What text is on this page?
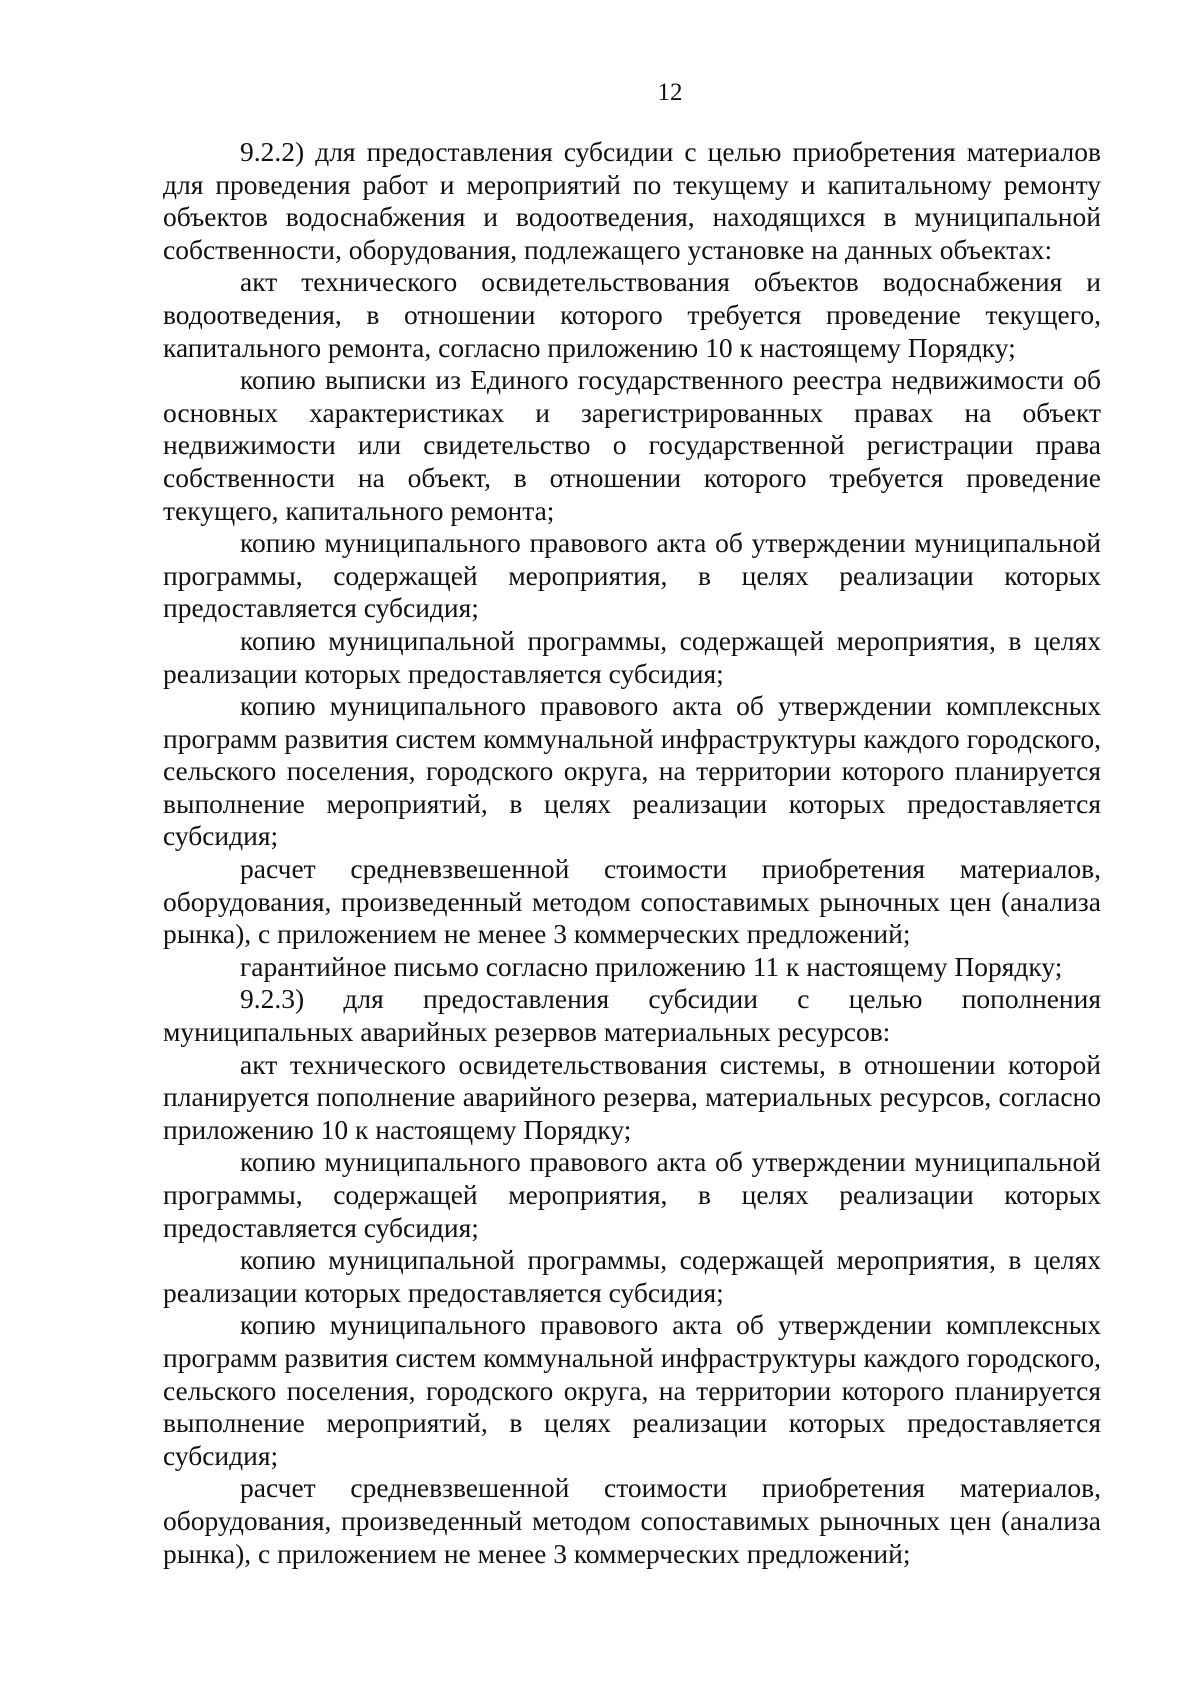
12

9.2.2) для предоставления субсидии с целью приобретения материалов для проведения работ и мероприятий по текущему и капитальному ремонту объектов водоснабжения и водоотведения, находящихся в муниципальной собственности, оборудования, подлежащего установке на данных объектах:

акт технического освидетельствования объектов водоснабжения и водоотведения, в отношении которого требуется проведение текущего, капитального ремонта, согласно приложению 10 к настоящему Порядку;

копию выписки из Единого государственного реестра недвижимости об основных характеристиках и зарегистрированных правах на объект недвижимости или свидетельство о государственной регистрации права собственности на объект, в отношении которого требуется проведение текущего, капитального ремонта;

копию муниципального правового акта об утверждении муниципальной программы, содержащей мероприятия, в целях реализации которых предоставляется субсидия;

копию муниципальной программы, содержащей мероприятия, в целях реализации которых предоставляется субсидия;

копию муниципального правового акта об утверждении комплексных программ развития систем коммунальной инфраструктуры каждого городского, сельского поселения, городского округа, на территории которого планируется выполнение мероприятий, в целях реализации которых предоставляется субсидия;

расчет средневзвешенной стоимости приобретения материалов, оборудования, произведенный методом сопоставимых рыночных цен (анализа рынка), с приложением не менее 3 коммерческих предложений;

гарантийное письмо согласно приложению 11 к настоящему Порядку;

9.2.3) для предоставления субсидии с целью пополнения муниципальных аварийных резервов материальных ресурсов:

акт технического освидетельствования системы, в отношении которой планируется пополнение аварийного резерва, материальных ресурсов, согласно приложению 10 к настоящему Порядку;

копию муниципального правового акта об утверждении муниципальной программы, содержащей мероприятия, в целях реализации которых предоставляется субсидия;

копию муниципальной программы, содержащей мероприятия, в целях реализации которых предоставляется субсидия;

копию муниципального правового акта об утверждении комплексных программ развития систем коммунальной инфраструктуры каждого городского, сельского поселения, городского округа, на территории которого планируется выполнение мероприятий, в целях реализации которых предоставляется субсидия;

расчет средневзвешенной стоимости приобретения материалов, оборудования, произведенный методом сопоставимых рыночных цен (анализа рынка), с приложением не менее 3 коммерческих предложений;
